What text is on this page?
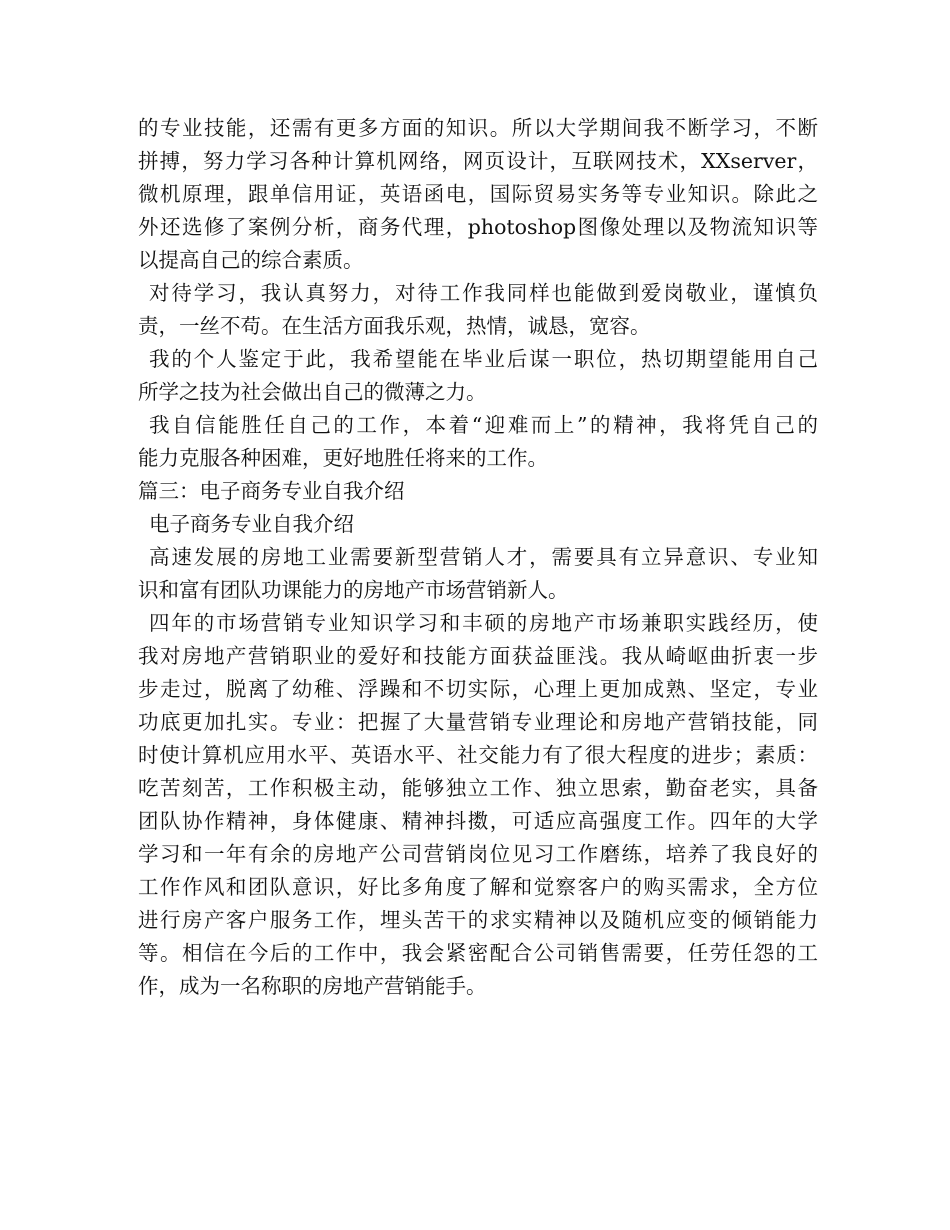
的专业技能，还需有更多方面的知识。所以大学期间我不断学习，不断
拼搏，努力学习各种计算机网络，网页设计，互联网技术，XXserver，
微机原理，跟单信用证，英语函电，国际贸易实务等专业知识。除此之
外还选修了案例分析，商务代理，photoshop图像处理以及物流知识等
以提高自己的综合素质。
对待学习，我认真努力，对待工作我同样也能做到爱岗敬业，谨慎负
责，一丝不苟。在生活方面我乐观，热情，诚恳，宽容。
我的个人鉴定于此，我希望能在毕业后谋一职位，热切期望能用自己
所学之技为社会做出自己的微薄之力。
我自信能胜任自己的工作，本着“迎难而上”的精神，我将凭自己的
能力克服各种困难，更好地胜任将来的工作。
篇三：电子商务专业自我介绍
电子商务专业自我介绍
高速发展的房地工业需要新型营销人才，需要具有立异意识、专业知
识和富有团队功课能力的房地产市场营销新人。
四年的市场营销专业知识学习和丰硕的房地产市场兼职实践经历，使
我对房地产营销职业的爱好和技能方面获益匪浅。我从崎岖曲折衷一步
步走过，脱离了幼稚、浮躁和不切实际，心理上更加成熟、坚定，专业
功底更加扎实。专业：把握了大量营销专业理论和房地产营销技能，同
时使计算机应用水平、英语水平、社交能力有了很大程度的进步；素质：
吃苦刻苦，工作积极主动，能够独立工作、独立思索，勤奋老实，具备
团队协作精神，身体健康、精神抖擞，可适应高强度工作。四年的大学
学习和一年有余的房地产公司营销岗位见习工作磨练，培养了我良好的
工作作风和团队意识，好比多角度了解和觉察客户的购买需求，全方位
进行房产客户服务工作，埋头苦干的求实精神以及随机应变的倾销能力
等。相信在今后的工作中，我会紧密配合公司销售需要，任劳任怨的工
作，成为一名称职的房地产营销能手。
